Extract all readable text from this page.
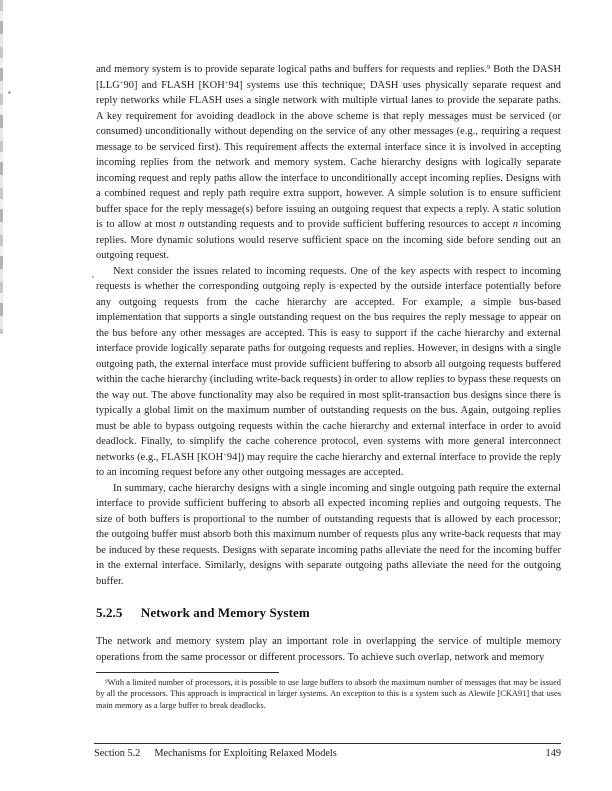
and memory system is to provide separate logical paths and buffers for requests and replies.$^9$ Both the DASH [LLG+90] and FLASH [KOH+94] systems use this technique; DASH uses physically separate request and reply networks while FLASH uses a single network with multiple virtual lanes to provide the separate paths. A key requirement for avoiding deadlock in the above scheme is that reply messages must be serviced (or consumed) unconditionally without depending on the service of any other messages (e.g., requiring a request message to be serviced first). This requirement affects the external interface since it is involved in accepting incoming replies from the network and memory system. Cache hierarchy designs with logically separate incoming request and reply paths allow the interface to unconditionally accept incoming replies. Designs with a combined request and reply path require extra support, however. A simple solution is to ensure sufficient buffer space for the reply message(s) before issuing an outgoing request that expects a reply. A static solution is to allow at most n outstanding requests and to provide sufficient buffering resources to accept n incoming replies. More dynamic solutions would reserve sufficient space on the incoming side before sending out an outgoing request.

Next consider the issues related to incoming requests. One of the key aspects with respect to incoming requests is whether the corresponding outgoing reply is expected by the outside interface potentially before any outgoing requests from the cache hierarchy are accepted. For example, a simple bus-based implementation that supports a single outstanding request on the bus requires the reply message to appear on the bus before any other messages are accepted. This is easy to support if the cache hierarchy and external interface provide logically separate paths for outgoing requests and replies. However, in designs with a single outgoing path, the external interface must provide sufficient buffering to absorb all outgoing requests buffered within the cache hierarchy (including write-back requests) in order to allow replies to bypass these requests on the way out. The above functionality may also be required in most split-transaction bus designs since there is typically a global limit on the maximum number of outstanding requests on the bus. Again, outgoing replies must be able to bypass outgoing requests within the cache hierarchy and external interface in order to avoid deadlock. Finally, to simplify the cache coherence protocol, even systems with more general interconnect networks (e.g., FLASH [KOH+94]) may require the cache hierarchy and external interface to provide the reply to an incoming request before any other outgoing messages are accepted.

In summary, cache hierarchy designs with a single incoming and single outgoing path require the external interface to provide sufficient buffering to absorb all expected incoming replies and outgoing requests. The size of both buffers is proportional to the number of outstanding requests that is allowed by each processor; the outgoing buffer must absorb both this maximum number of requests plus any write-back requests that may be induced by these requests. Designs with separate incoming paths alleviate the need for the incoming buffer in the external interface. Similarly, designs with separate outgoing paths alleviate the need for the outgoing buffer.

5.2.5 Network and Memory System

The network and memory system play an important role in overlapping the service of multiple memory operations from the same processor or different processors. To achieve such overlap, network and memory

$^9$With a limited number of processors, it is possible to use large buffers to absorb the maximum number of messages that may be issued by all the processors. This approach is impractical in larger systems. An exception to this is a system such as Alewife [CKA91] that uses main memory as a large buffer to break deadlocks.

Section 5.2 Mechanisms for Exploiting Relaxed Models	149
